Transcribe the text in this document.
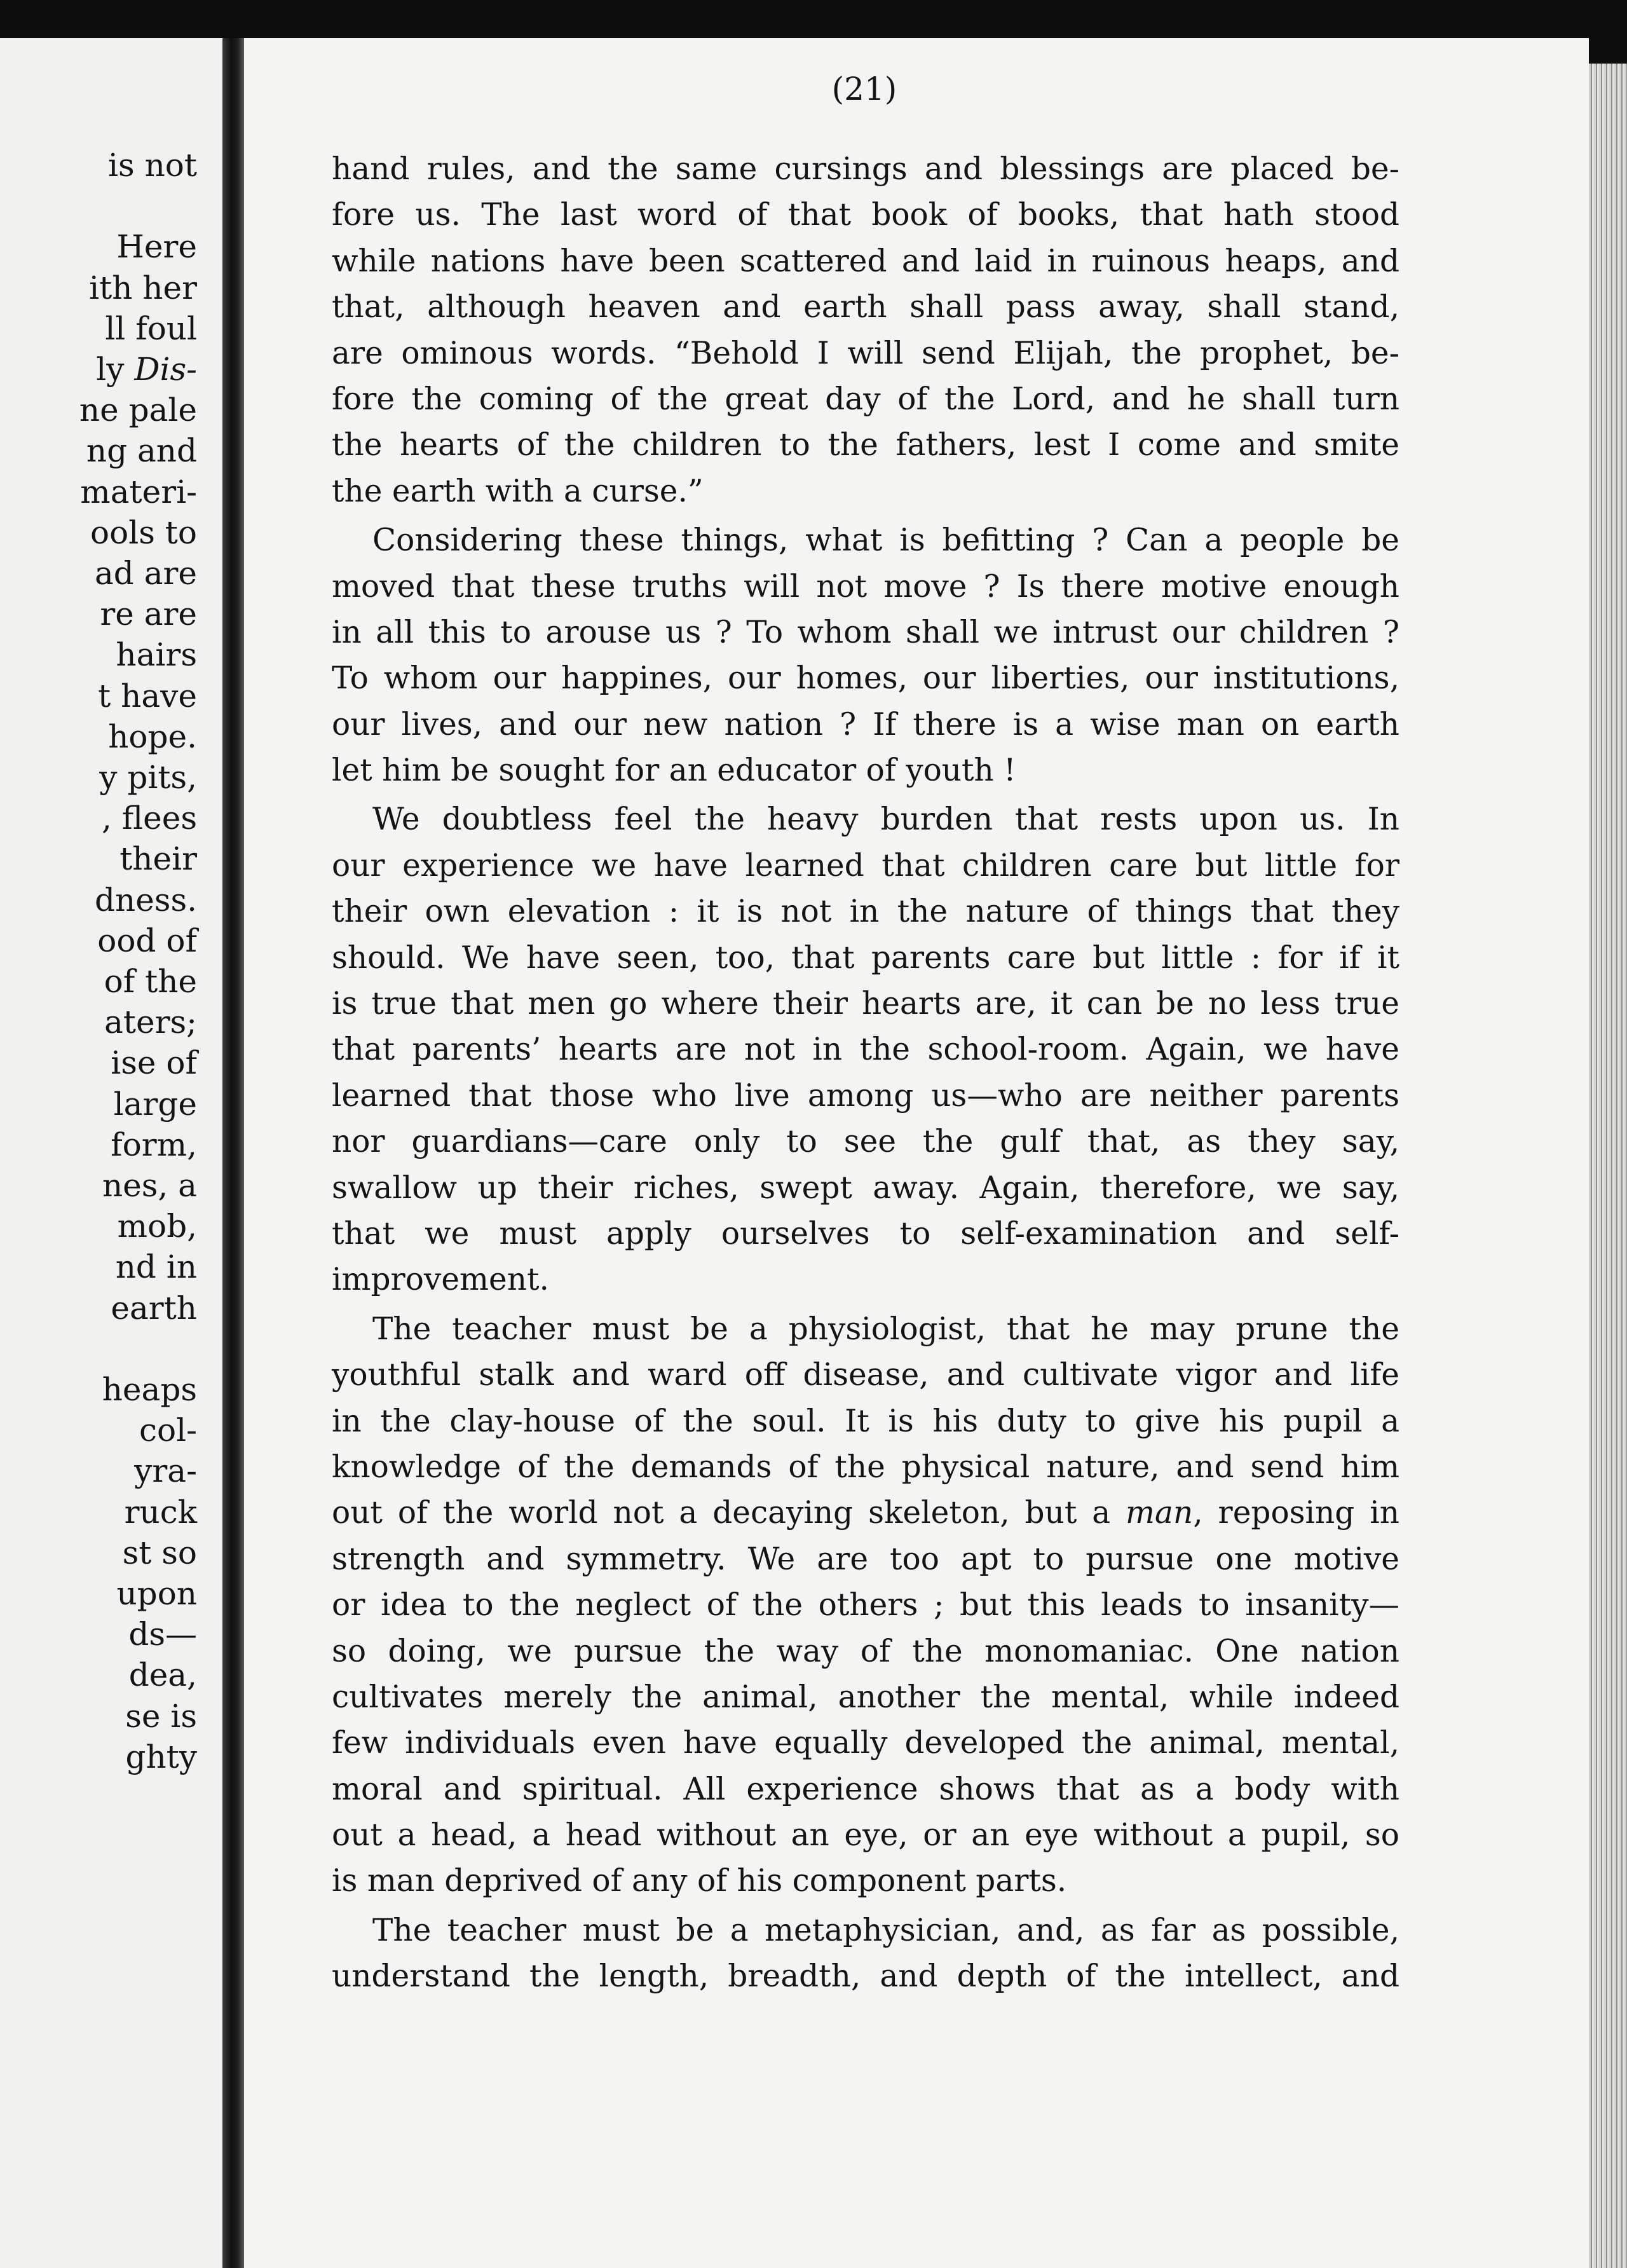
is not
Here
ith her
ll foul
ly Dis-
ne pale
ng and
materi-
ools to
ad are
re are
hairs
t have
hope.
y pits,
, flees
their
dness.
ood of
of the
aters;
ise of
large
form,
nes, a
mob,
nd in
earth
heaps
col-
yra-
ruck
st so
upon
ds—
dea,
se is
ghty
(21)
hand rules, and the same cursings and blessings are placed be-
fore us. The last word of that book of books, that hath stood
while nations have been scattered and laid in ruinous heaps, and
that, although heaven and earth shall pass away, shall stand,
are ominous words. “Behold I will send Elijah, the prophet, be-
fore the coming of the great day of the Lord, and he shall turn
the hearts of the children to the fathers, lest I come and smite
the earth with a curse.”
Considering these things, what is befitting ? Can a people be
moved that these truths will not move ? Is there motive enough
in all this to arouse us ? To whom shall we intrust our children ?
To whom our happines, our homes, our liberties, our institutions,
our lives, and our new nation ? If there is a wise man on earth
let him be sought for an educator of youth !
We doubtless feel the heavy burden that rests upon us. In
our experience we have learned that children care but little for
their own elevation : it is not in the nature of things that they
should. We have seen, too, that parents care but little : for if it
is true that men go where their hearts are, it can be no less true
that parents’ hearts are not in the school-room. Again, we have
learned that those who live among us—who are neither parents
nor guardians—care only to see the gulf that, as they say,
swallow up their riches, swept away. Again, therefore, we say,
that we must apply ourselves to self-examination and self-
improvement.
The teacher must be a physiologist, that he may prune the
youthful stalk and ward off disease, and cultivate vigor and life
in the clay-house of the soul. It is his duty to give his pupil a
knowledge of the demands of the physical nature, and send him
out of the world not a decaying skeleton, but a man, reposing in
strength and symmetry. We are too apt to pursue one motive
or idea to the neglect of the others ; but this leads to insanity—
so doing, we pursue the way of the monomaniac. One nation
cultivates merely the animal, another the mental, while indeed
few individuals even have equally developed the animal, mental,
moral and spiritual. All experience shows that as a body with
out a head, a head without an eye, or an eye without a pupil, so
is man deprived of any of his component parts.
The teacher must be a metaphysician, and, as far as possible,
understand the length, breadth, and depth of the intellect, and
